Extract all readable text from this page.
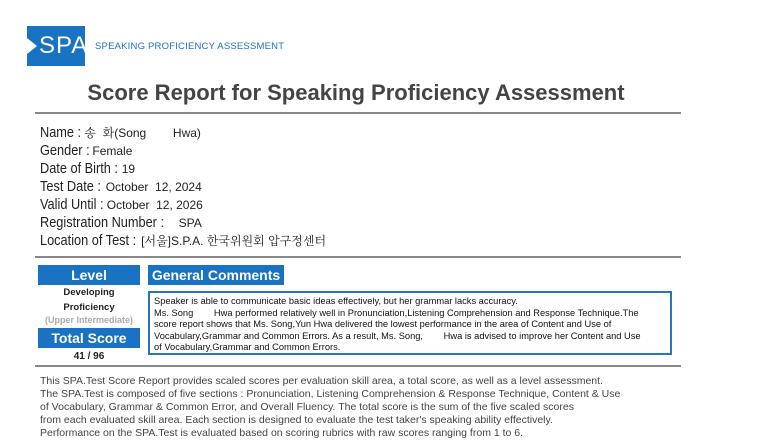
SPA SPEAKING PROFICIENCY ASSESSMENT
Score Report for Speaking Proficiency Assessment
Name : 송  화(Song        Hwa)
Gender : Female
Date of Birth : 19
Test Date : October  12, 2024
Valid Until : October  12, 2026
Registration Number : SPA
Location of Test : [서울]S.P.A. 한국위원회 압구정센터
Level
Developing
Proficiency
(Upper Intermediate)
Total Score
41 / 96
General Comments

Speaker is able to communicate basic ideas effectively, but her grammar lacks accuracy.

Ms. Song        Hwa performed relatively well in Pronunciation,Listening Comprehension and Response Technique.The

score report shows that Ms. Song,Yun Hwa delivered the lowest performance in the area of Content and Use of

Vocabulary,Grammar and Common Errors. As a result, Ms. Song,        Hwa is advised to improve her Content and Use

of Vocabulary,Grammar and Common Errors.

This SPA.Test Score Report provides scaled scores per evaluation skill area, a total score, as well as a level assessment.

The SPA.Test is composed of five sections : Pronunciation, Listening Comprehension & Response Technique, Content & Use

of Vocabulary, Grammar & Common Error, and Overall Fluency. The total score is the sum of the five scaled scores

from each evaluated skill area. Each section is designed to evaluate the test taker's speaking ability effectively.

Performance on the SPA.Test is evaluated based on scoring rubrics with raw scores ranging from 1 to 6.
